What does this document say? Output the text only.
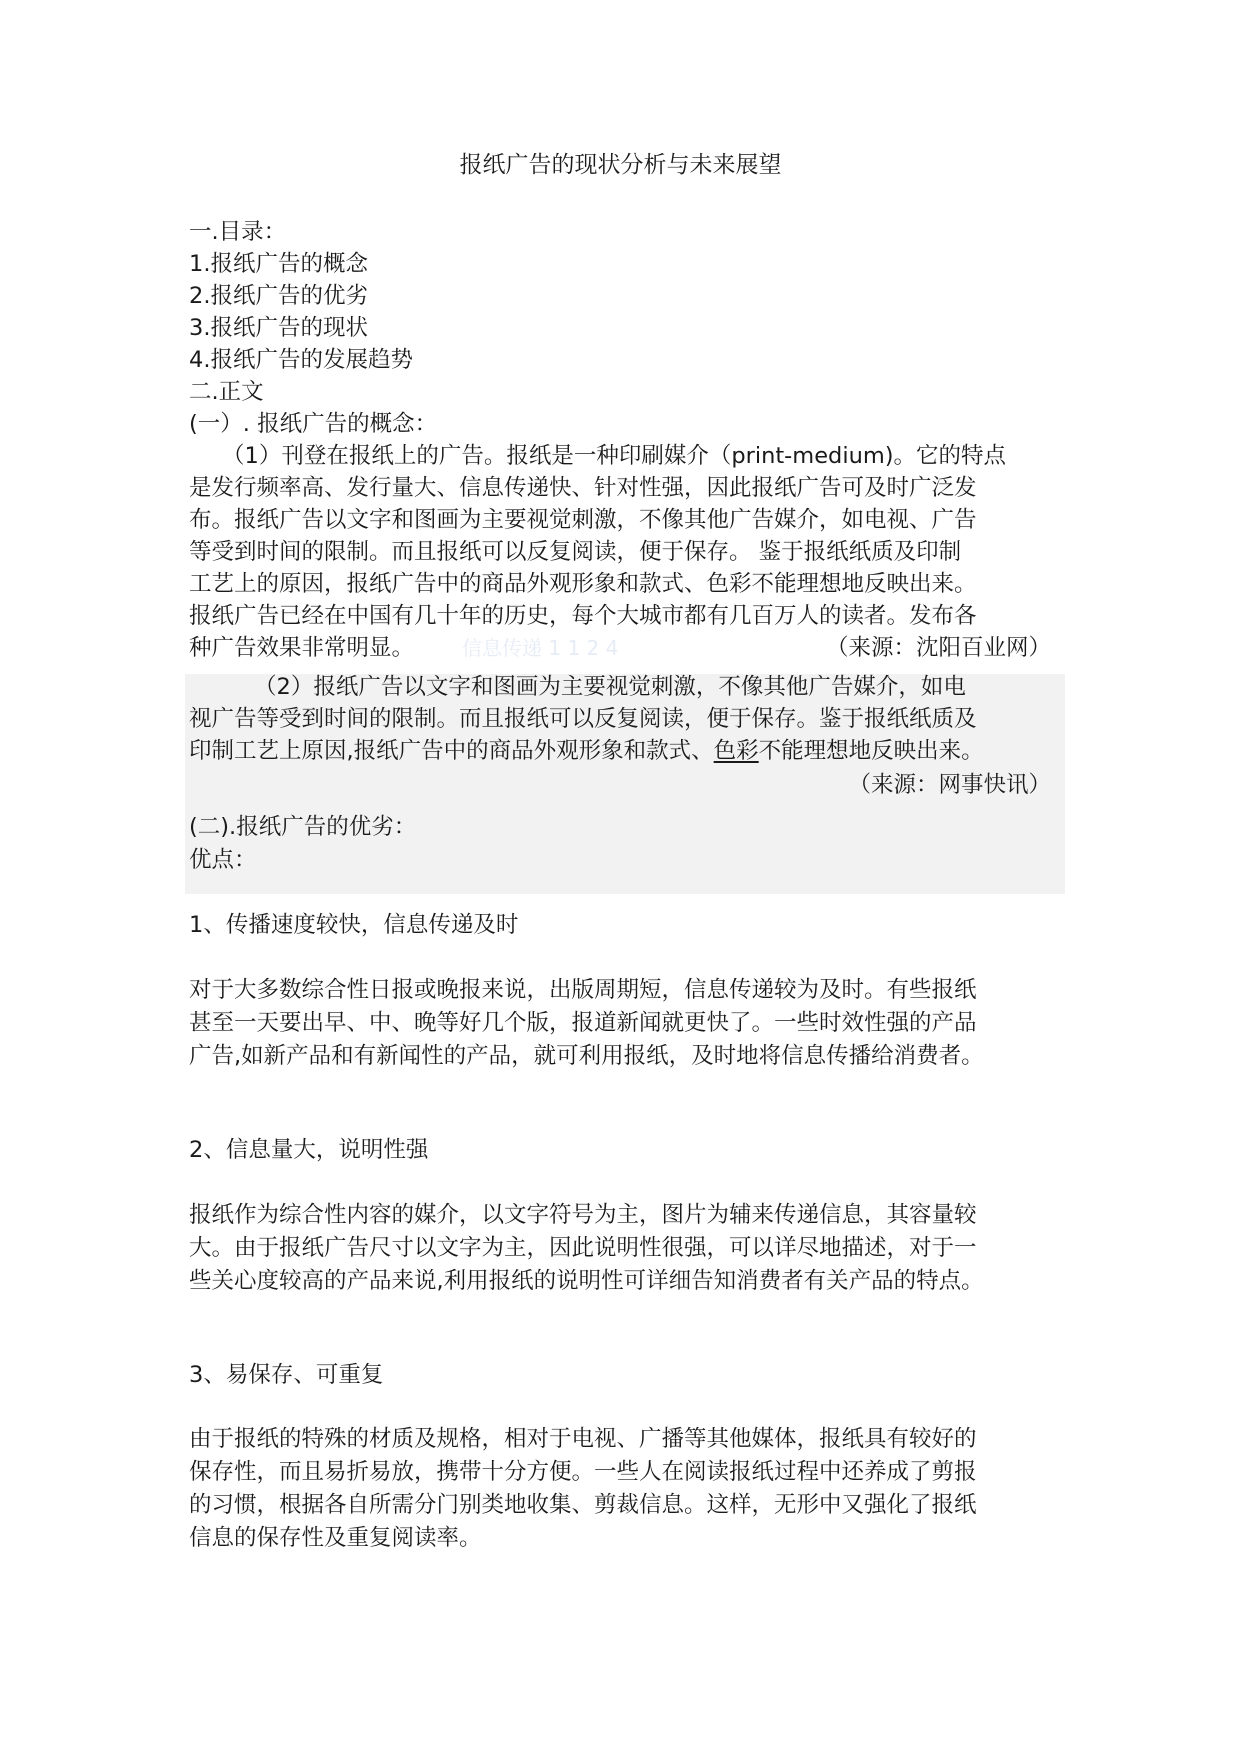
报纸广告的现状分析与未来展望
一.目录：
1.报纸广告的概念
2.报纸广告的优劣
3.报纸广告的现状
4.报纸广告的发展趋势
二.正文
(一）. 报纸广告的概念：
（1）刊登在报纸上的广告。报纸是一种印刷媒介（print-medium)。它的特点
是发行频率高、发行量大、信息传递快、针对性强，因此报纸广告可及时广泛发
布。报纸广告以文字和图画为主要视觉刺激，不像其他广告媒介，如电视、广告
等受到时间的限制。而且报纸可以反复阅读，便于保存。 鉴于报纸纸质及印制
工艺上的原因，报纸广告中的商品外观形象和款式、色彩不能理想地反映出来。
报纸广告已经在中国有几十年的历史，每个大城市都有几百万人的读者。发布各
种广告效果非常明显。 信息传递 1 1 2 4	（来源：沈阳百业网）
（2）报纸广告以文字和图画为主要视觉刺激，不像其他广告媒介，如电
视广告等受到时间的限制。而且报纸可以反复阅读，便于保存。鉴于报纸纸质及
印制工艺上原因,报纸广告中的商品外观形象和款式、色彩不能理想地反映出来。
（来源：网事快讯）
(二).报纸广告的优劣：
优点：
1、传播速度较快，信息传递及时
对于大多数综合性日报或晚报来说，出版周期短，信息传递较为及时。有些报纸
甚至一天要出早、中、晚等好几个版，报道新闻就更快了。一些时效性强的产品
广告,如新产品和有新闻性的产品，就可利用报纸，及时地将信息传播给消费者。
2、信息量大，说明性强
报纸作为综合性内容的媒介，以文字符号为主，图片为辅来传递信息，其容量较
大。由于报纸广告尺寸以文字为主，因此说明性很强，可以详尽地描述，对于一
些关心度较高的产品来说,利用报纸的说明性可详细告知消费者有关产品的特点。
3、易保存、可重复
由于报纸的特殊的材质及规格，相对于电视、广播等其他媒体，报纸具有较好的
保存性，而且易折易放，携带十分方便。一些人在阅读报纸过程中还养成了剪报
的习惯，根据各自所需分门别类地收集、剪裁信息。这样，无形中又强化了报纸
信息的保存性及重复阅读率。
